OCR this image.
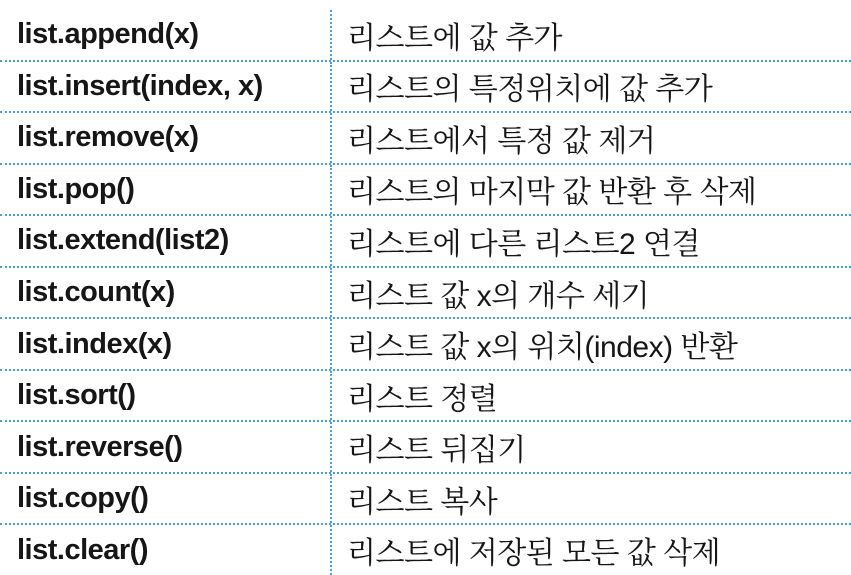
list.append(x)	리스트에 값 추가
list.insert(index, x)	리스트의 특정위치에 값 추가
list.remove(x)	리스트에서 특정 값 제거
list.pop()	리스트의 마지막 값 반환 후 삭제
list.extend(list2)	리스트에 다른 리스트2 연결
list.count(x)	리스트 값 x의 개수 세기
list.index(x)	리스트 값 x의 위치(index) 반환
list.sort()	리스트 정렬
list.reverse()	리스트 뒤집기
list.copy()	리스트 복사
list.clear()	리스트에 저장된 모든 값 삭제
